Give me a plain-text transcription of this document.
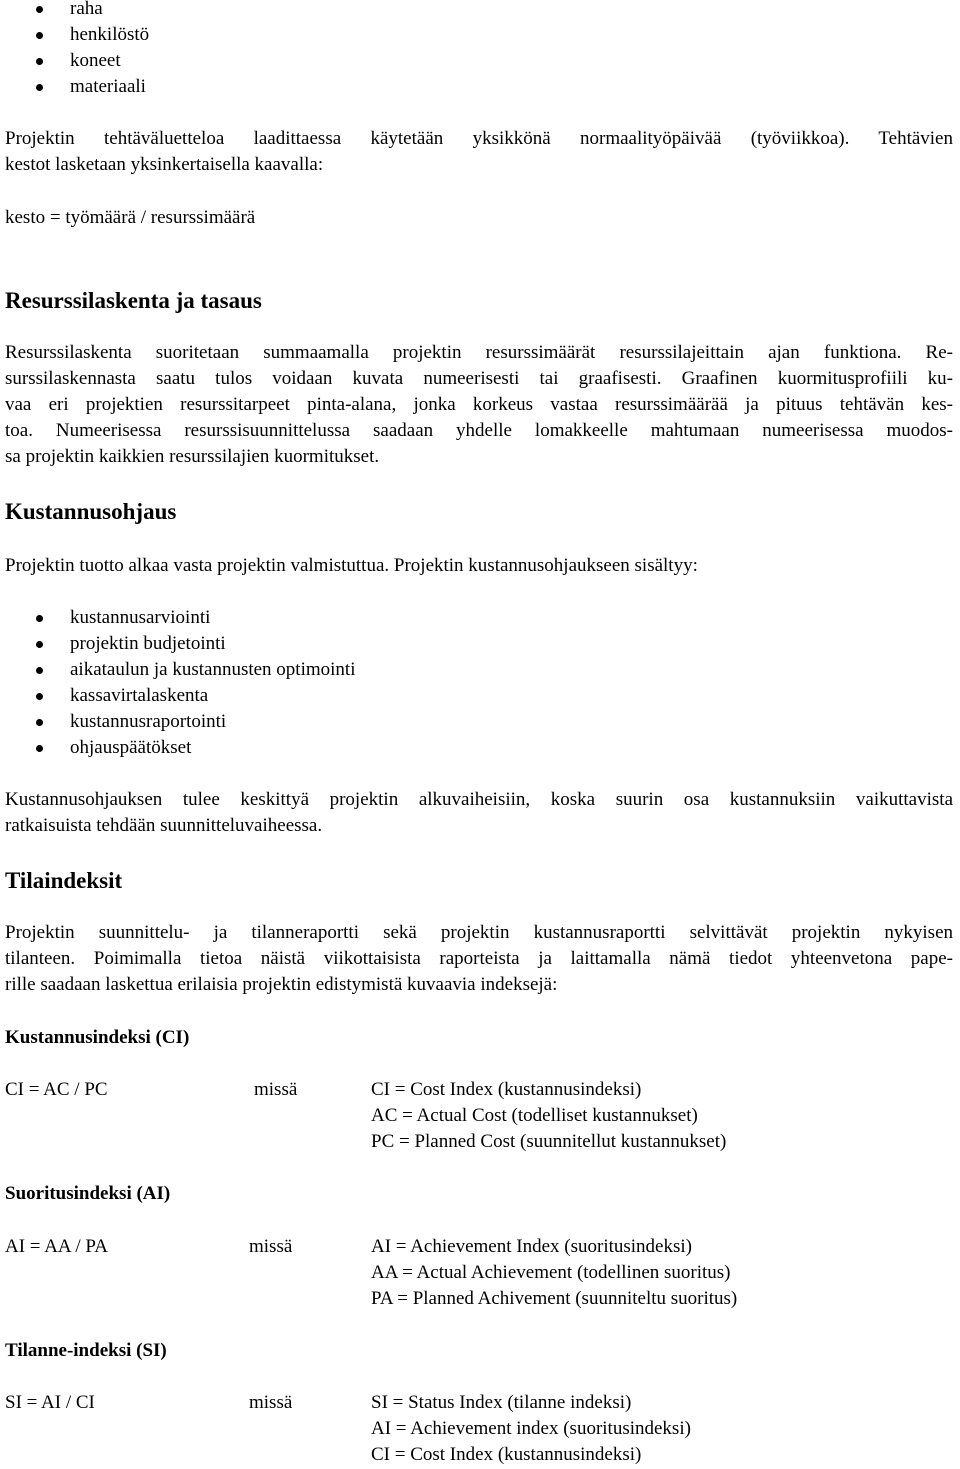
raha
henkilöstö
koneet
materiaali

Projektin tehtäväluetteloa laadittaessa käytetään yksikkönä normaalityöpäivää (työviikkoa). Tehtävien
kestot lasketaan yksinkertaisella kaavalla:

kesto = työmäärä / resurssimäärä

Resurssilaskenta ja tasaus

Resurssilaskenta suoritetaan summaamalla projektin resurssimäärät resurssilajeittain ajan funktiona. Re-
surssilaskennasta saatu tulos voidaan kuvata numeerisesti tai graafisesti. Graafinen kuormitusprofiili ku-
vaa eri projektien resurssitarpeet pinta-alana, jonka korkeus vastaa resurssimäärää ja pituus tehtävän kes-
toa. Numeerisessa resurssisuunnittelussa saadaan yhdelle lomakkeelle mahtumaan numeerisessa muodos-
sa projektin kaikkien resurssilajien kuormitukset.

Kustannusohjaus

Projektin tuotto alkaa vasta projektin valmistuttua. Projektin kustannusohjaukseen sisältyy:

kustannusarviointi
projektin budjetointi
aikataulun ja kustannusten optimointi
kassavirtalaskenta
kustannusraportointi
ohjauspäätökset

Kustannusohjauksen tulee keskittyä projektin alkuvaiheisiin, koska suurin osa kustannuksiin vaikuttavista
ratkaisuista tehdään suunnitteluvaiheessa.

Tilaindeksit

Projektin suunnittelu- ja tilanneraportti sekä projektin kustannusraportti selvittävät projektin nykyisen
tilanteen. Poimimalla tietoa näistä viikottaisista raporteista ja laittamalla nämä tiedot yhteenvetona pape-
rille saadaan laskettua erilaisia projektin edistymistä kuvaavia indeksejä:

Kustannusindeksi (CI)

CI = AC / PC	missä	CI = Cost Index (kustannusindeksi)
AC = Actual Cost (todelliset kustannukset)
PC = Planned Cost (suunnitellut kustannukset)

Suoritusindeksi (AI)

AI = AA / PA	missä	AI = Achievement Index (suoritusindeksi)
AA = Actual Achievement (todellinen suoritus)
PA = Planned Achivement (suunniteltu suoritus)

Tilanne-indeksi (SI)

SI = AI / CI	missä	SI = Status Index (tilanne indeksi)
AI = Achievement index (suoritusindeksi)
CI = Cost Index (kustannusindeksi)
